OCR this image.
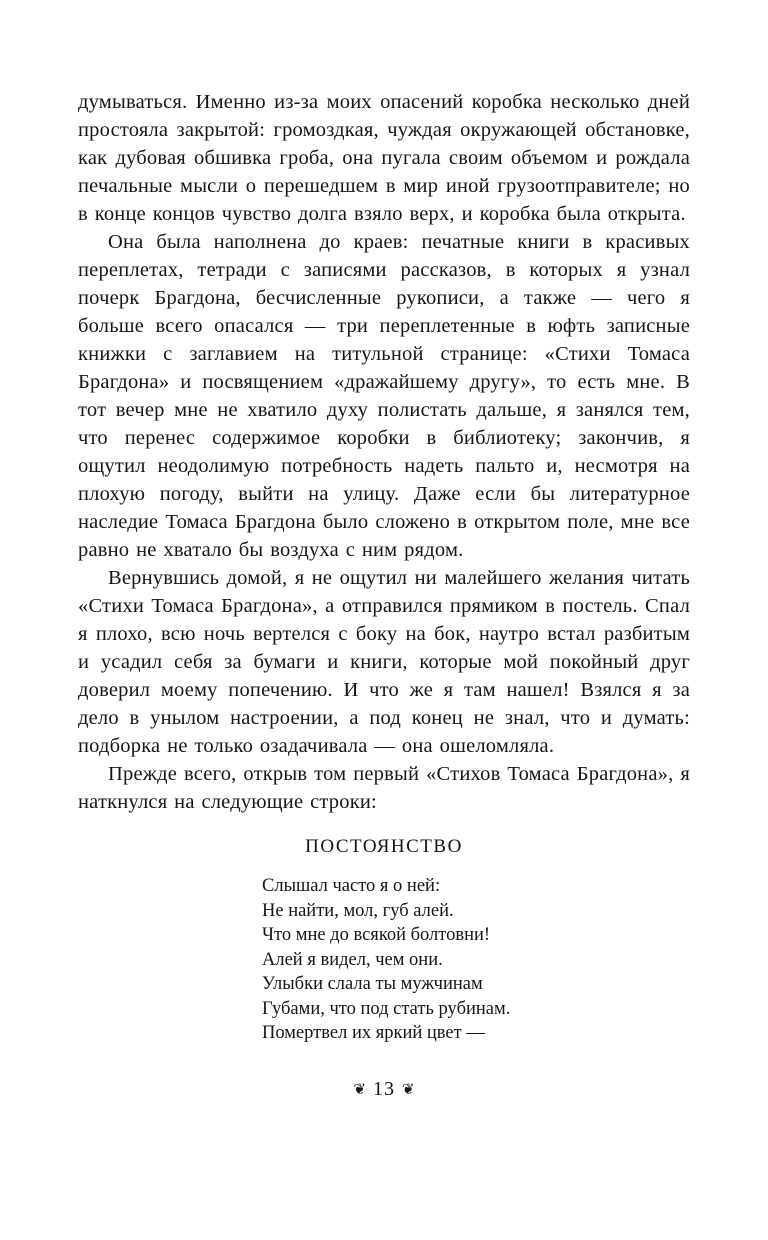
думываться. Именно из-за моих опасений коробка несколько дней простояла закрытой: громоздкая, чуждая окружающей обстановке, как дубовая обшивка гроба, она пугала своим объемом и рождала печальные мысли о перешедшем в мир иной грузоотправителе; но в конце концов чувство долга взяло верх, и коробка была открыта.

Она была наполнена до краев: печатные книги в красивых переплетах, тетради с записями рассказов, в которых я узнал почерк Брагдона, бесчисленные рукописи, а также — чего я больше всего опасался — три переплетенные в юфть записные книжки с заглавием на титульной странице: «Стихи Томаса Брагдона» и посвящением «дражайшему другу», то есть мне. В тот вечер мне не хватило духу полистать дальше, я занялся тем, что перенес содержимое коробки в библиотеку; закончив, я ощутил неодолимую потребность надеть пальто и, несмотря на плохую погоду, выйти на улицу. Даже если бы литературное наследие Томаса Брагдона было сложено в открытом поле, мне все равно не хватало бы воздуха с ним рядом.

Вернувшись домой, я не ощутил ни малейшего желания читать «Стихи Томаса Брагдона», а отправился прямиком в постель. Спал я плохо, всю ночь вертелся с боку на бок, наутро встал разбитым и усадил себя за бумаги и книги, которые мой покойный друг доверил моему попечению. И что же я там нашел! Взялся я за дело в унылом настроении, а под конец не знал, что и думать: подборка не только озадачивала — она ошеломляла.

Прежде всего, открыв том первый «Стихов Томаса Брагдона», я наткнулся на следующие строки:

ПОСТОЯНСТВО
Слышал часто я о ней:
Не найти, мол, губ алей.
Что мне до всякой болтовни!
Алей я видел, чем они.
Улыбки слала ты мужчинам
Губами, что под стать рубинам.
Помертвел их яркий цвет —
❦ 13 ❦
